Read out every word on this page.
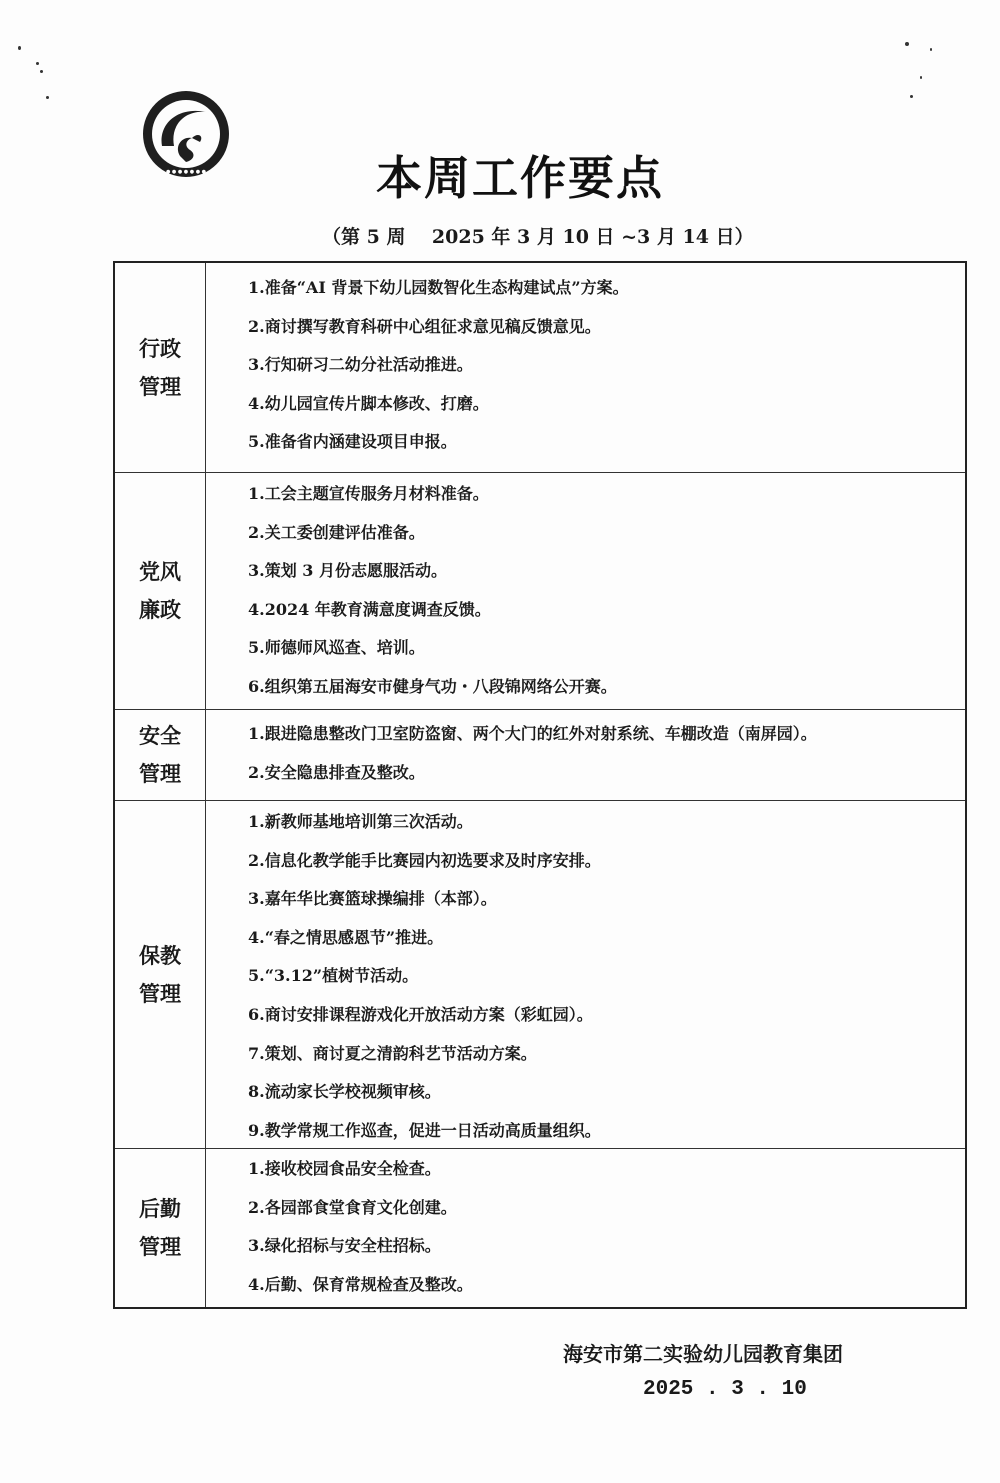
● ● ● ● ● ● ●	本周工作要点
（第 5 周    2025 年 3 月 10 日 ~3 月 14 日）
行政
管理
1.准备“AI 背景下幼儿园数智化生态构建试点”方案。
2.商讨撰写教育科研中心组征求意见稿反馈意见。
3.行知研习二幼分社活动推进。
4.幼儿园宣传片脚本修改、打磨。
5.准备省内涵建设项目申报。
党风
廉政
1.工会主题宣传服务月材料准备。
2.关工委创建评估准备。
3.策划 3 月份志愿服活动。
4.2024 年教育满意度调查反馈。
5.师德师风巡查、培训。
6.组织第五届海安市健身气功・八段锦网络公开赛。
安全
管理
1.跟进隐患整改门卫室防盗窗、两个大门的红外对射系统、车棚改造（南屏园）。
2.安全隐患排查及整改。
保教
管理
1.新教师基地培训第三次活动。
2.信息化教学能手比赛园内初选要求及时序安排。
3.嘉年华比赛篮球操编排（本部）。
4.“春之情思感恩节”推进。
5.“3.12”植树节活动。
6.商讨安排课程游戏化开放活动方案（彩虹园）。
7.策划、商讨夏之清韵科艺节活动方案。
8.流动家长学校视频审核。
9.教学常规工作巡查，促进一日活动高质量组织。
后勤
管理
1.接收校园食品安全检查。
2.各园部食堂食育文化创建。
3.绿化招标与安全柱招标。
4.后勤、保育常规检查及整改。
海安市第二实验幼儿园教育集团
2025 . 3 . 10
